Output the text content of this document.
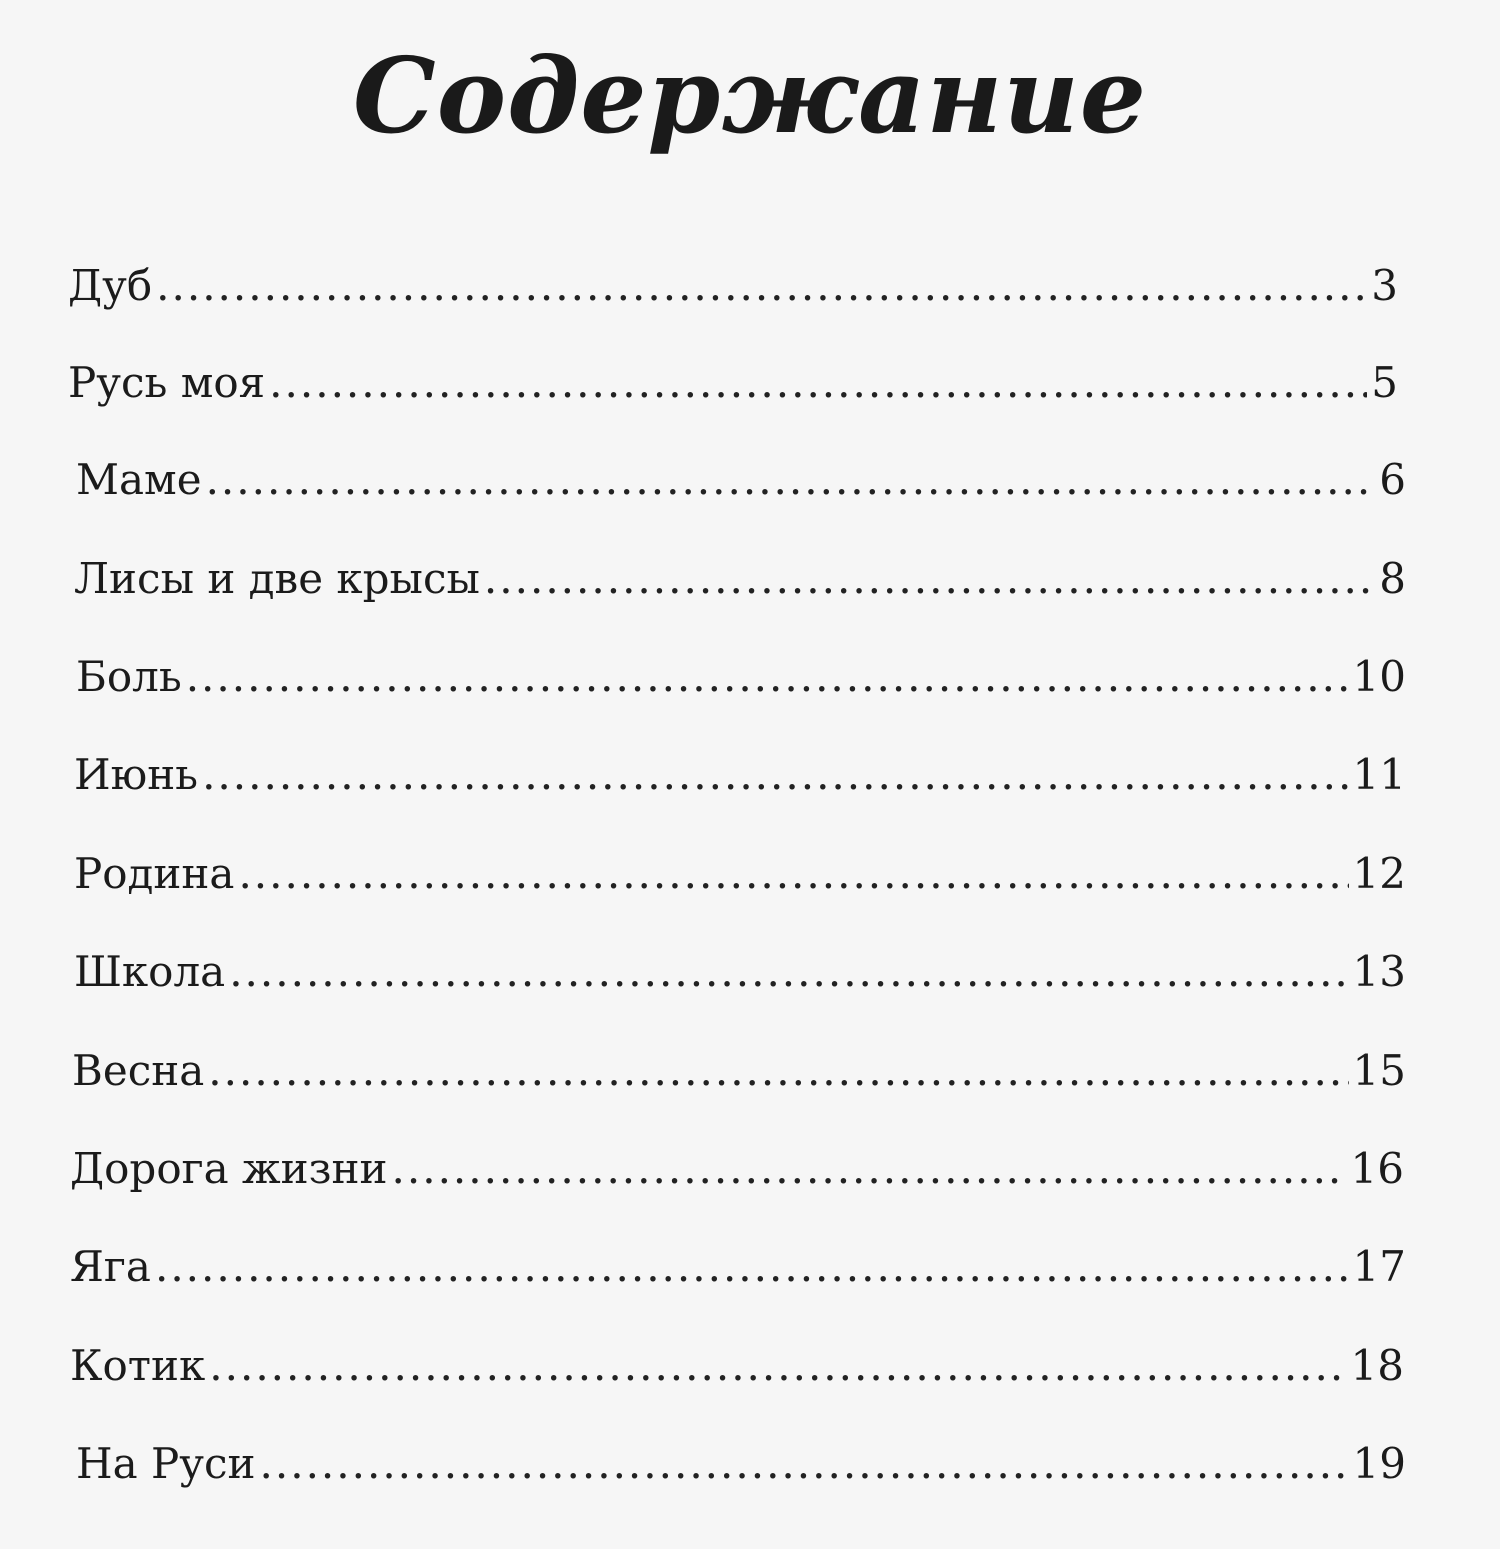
Содержание
Дуб .....	3
Русь моя .....	5
Маме .....	6
Лисы и две крысы .....	8
Боль .....	10
Июнь .....	11
Родина .....	12
Школа .....	13
Весна .....	15
Дорога жизни .....	16
Яга .....	17
Котик .....	18
На Руси .....	19
